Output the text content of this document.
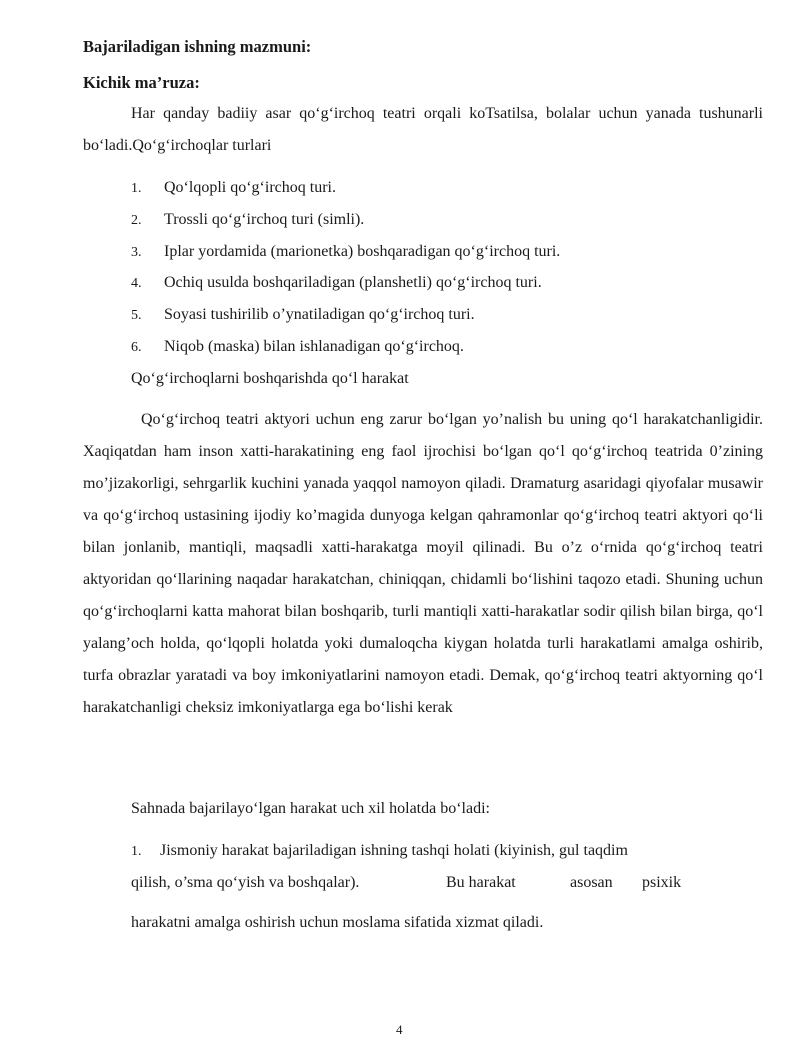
Bajariladigan ishning mazmuni:

Kichik ma’ruza:

Har qanday badiiy asar qo‘g‘irchoq teatri orqali koTsatilsa, bolalar uchun yanada tushunarli bo‘ladi.Qo‘g‘irchoqlar turlari

1. Qo‘lqopli qo‘g‘irchoq turi.
2. Trossli qo‘g‘irchoq turi (simli).
3. Iplar yordamida (marionetka) boshqaradigan qo‘g‘irchoq turi.
4. Ochiq usulda boshqariladigan (planshetli) qo‘g‘irchoq turi.
5. Soyasi tushirilib o’ynatiladigan qo‘g‘irchoq turi.
6. Niqob (maska) bilan ishlanadigan qo‘g‘irchoq.
Qo‘g‘irchoqlarni boshqarishda qo‘l harakat

Qo‘g‘irchoq teatri aktyori uchun eng zarur bo‘lgan yo’nalish bu uning qo‘l harakatchanligidir. Xaqiqatdan ham inson xatti-harakatining eng faol ijrochisi bo‘lgan qo‘l qo‘g‘irchoq teatrida 0’zining mo’jizakorligi, sehrgarlik kuchini yanada yaqqol namoyon qiladi. Dramaturg asaridagi qiyofalar musawir va qo‘g‘irchoq ustasining ijodiy ko’magida dunyoga kelgan qahramonlar qo‘g‘irchoq teatri aktyori qo‘li bilan jonlanib, mantiqli, maqsadli xatti-harakatga moyil qilinadi. Bu o’z o‘rnida qo‘g‘irchoq teatri aktyoridan qo‘llarining naqadar harakatchan, chiniqqan, chidamli bo‘lishini taqozo etadi. Shuning uchun qo‘g‘irchoqlarni katta mahorat bilan boshqarib, turli mantiqli xatti-harakatlar sodir qilish bilan birga, qo‘l yalang’och holda, qo‘lqopli holatda yoki dumaloqcha kiygan holatda turli harakatlami amalga oshirib, turfa obrazlar yaratadi va boy imkoniyatlarini namoyon etadi. Demak, qo‘g‘irchoq teatri aktyorning qo‘l harakatchanligi cheksiz imkoniyatlarga ega bo‘lishi kerak

Sahnada bajarilayo‘lgan harakat uch xil holatda bo‘ladi:
1. Jismoniy harakat bajariladigan ishning tashqi holati (kiyinish, gul taqdim
qilish, o’sma qo‘yish va boshqalar).	Bu harakat	asosan psixik
harakatni amalga oshirish uchun moslama sifatida xizmat qiladi.
4
